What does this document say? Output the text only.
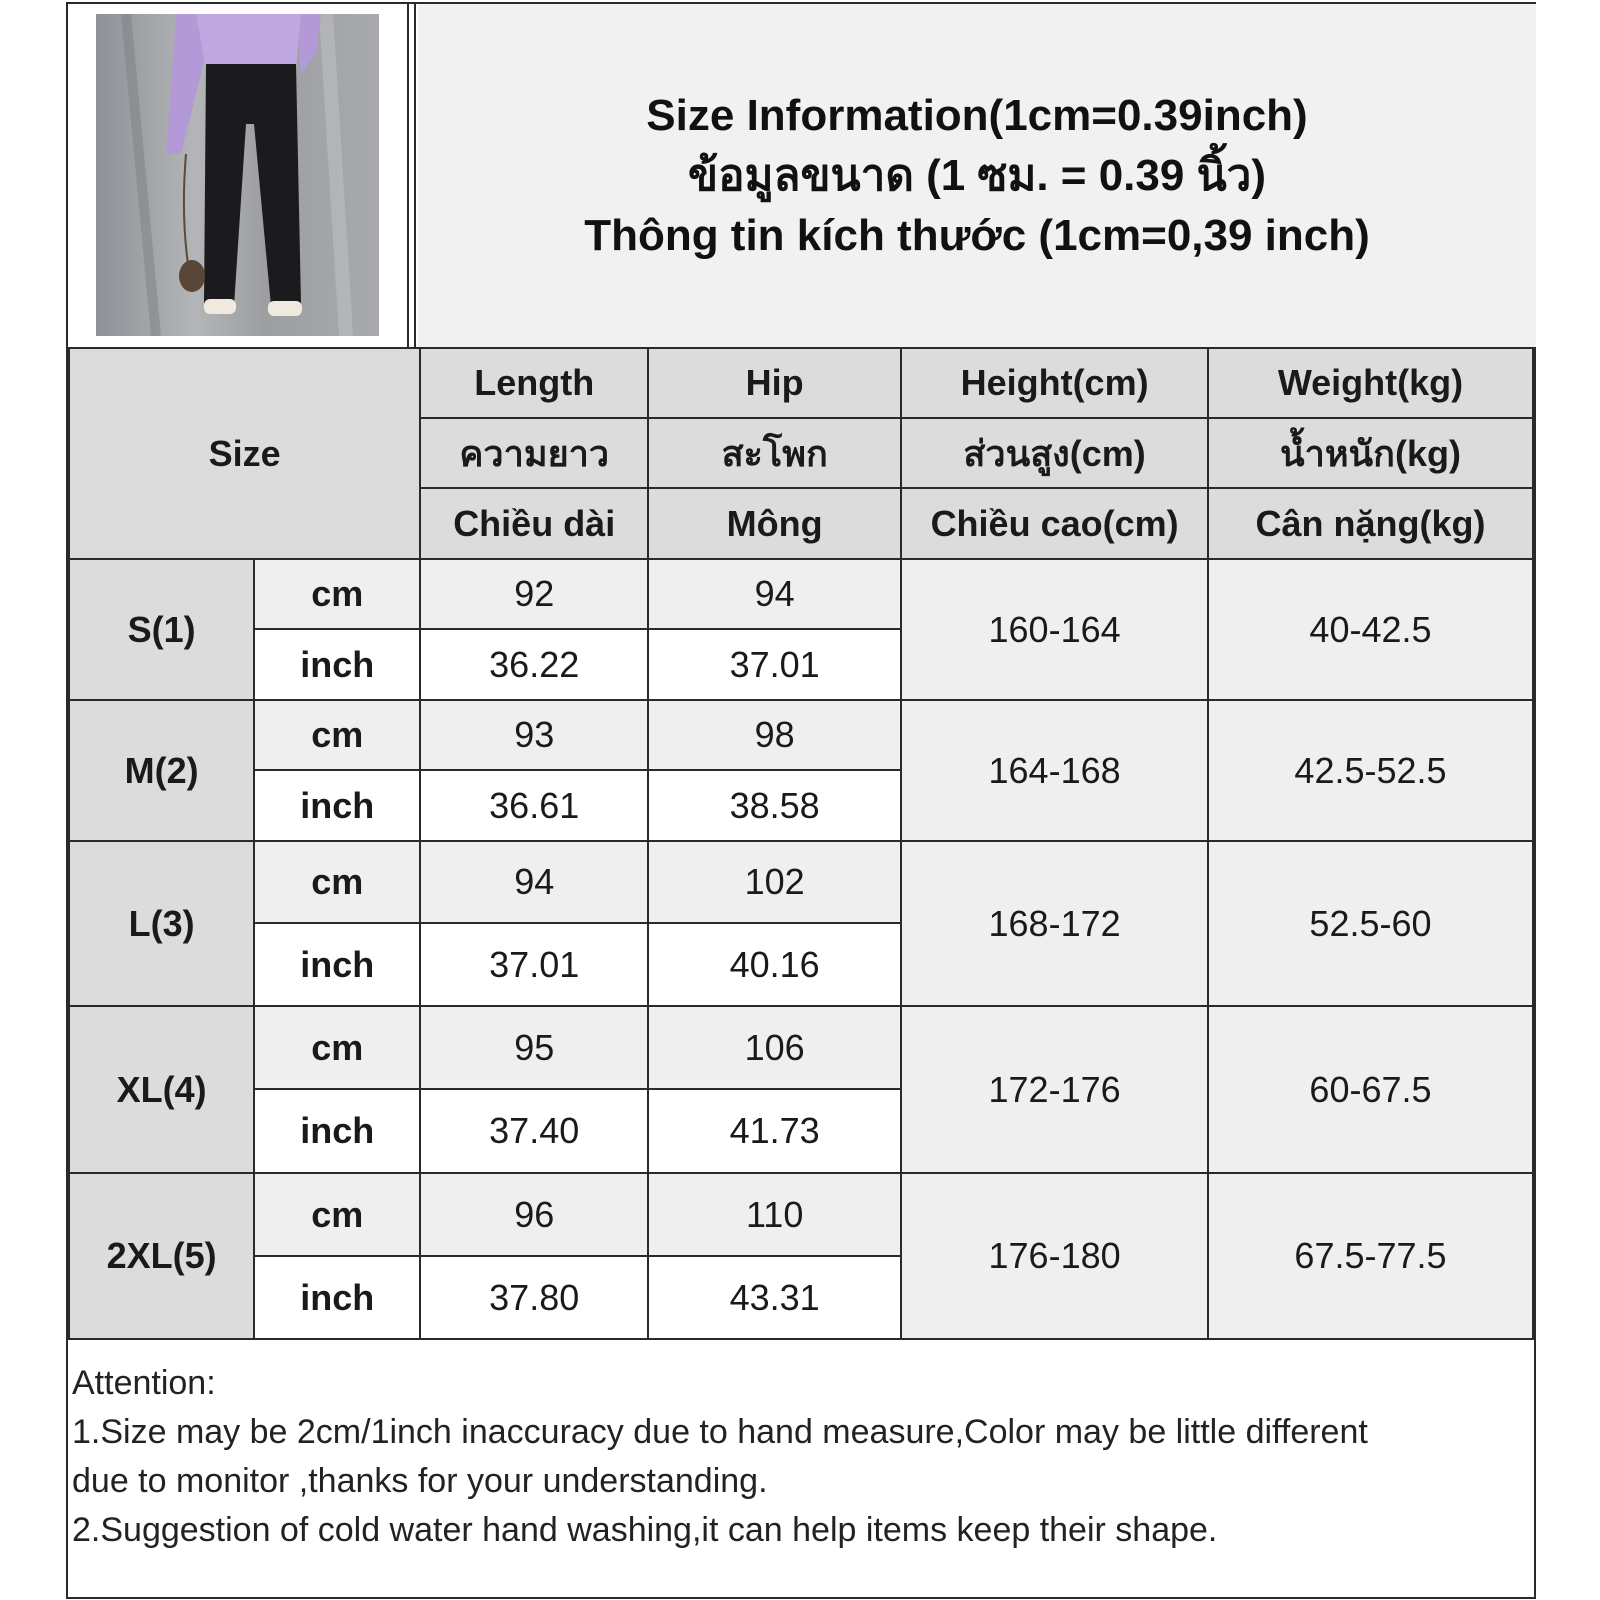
Size Information(1cm=0.39inch)
ข้อมูลขนาด (1 ซม. = 0.39 นิ้ว)
Thông tin kích thước (1cm=0,39 inch)
Size		Length	Hip	Height(cm)	Weight(kg)
		ความยาว	สะโพก	ส่วนสูง(cm)	น้ำหนัก(kg)
		Chiều dài	Mông	Chiều cao(cm)	Cân nặng(kg)
S(1)	cm	92	94	160-164	40-42.5
	inch	36.22	37.01		
M(2)	cm	93	98	164-168	42.5-52.5
	inch	36.61	38.58		
L(3)	cm	94	102	168-172	52.5-60
	inch	37.01	40.16		
XL(4)	cm	95	106	172-176	60-67.5
	inch	37.40	41.73		
2XL(5)	cm	96	110	176-180	67.5-77.5
	inch	37.80	43.31		
Attention:
1.Size may be 2cm/1inch inaccuracy due to hand measure,Color may be little different
due to monitor ,thanks for your understanding.
2.Suggestion of cold water hand washing,it can help items keep their shape.
